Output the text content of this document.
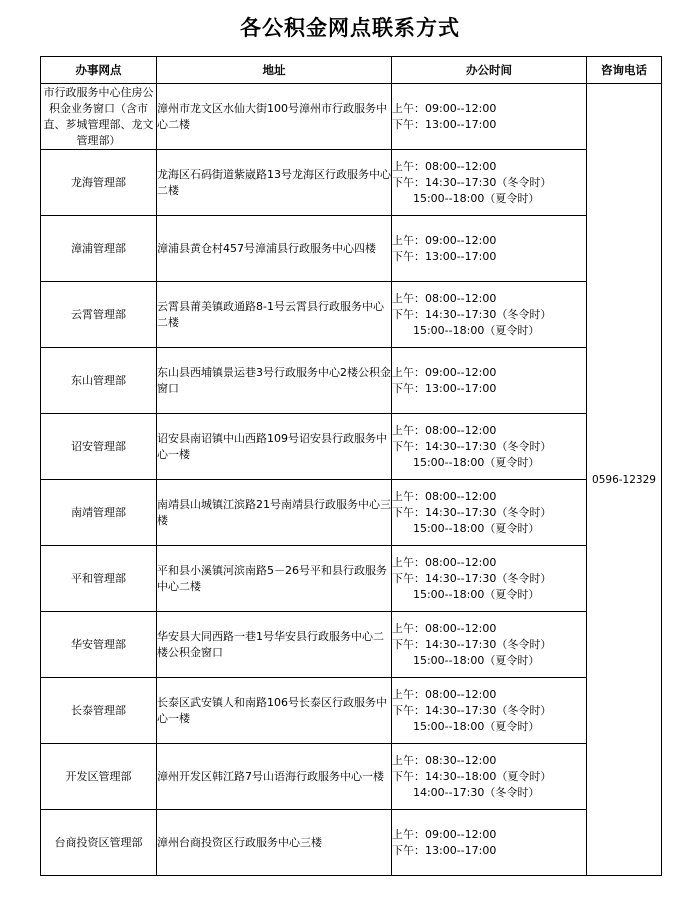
各公积金网点联系方式
办事网点	地址	办公时间	咨询电话
市行政服务中心住房公积金业务窗口（含市直、芗城管理部、龙文管理部）	漳州市龙文区水仙大街100号漳州市行政服务中心二楼	上午：09:00--12:00
下午：13:00--17:00	0596-12329
龙海管理部	龙海区石码街道紫崴路13号龙海区行政服务中心二楼	上午：08:00--12:00
下午：14:30--17:30（冬令时）
15:00--18:00（夏令时）	

漳浦管理部	漳浦县黄仓村457号漳浦县行政服务中心四楼	上午：09:00--12:00
下午：13:00--17:00	

云霄管理部	云霄县莆美镇政通路8-1号云霄县行政服务中心二楼	上午：08:00--12:00
下午：14:30--17:30（冬令时）
15:00--18:00（夏令时）	

东山管理部	东山县西埔镇景运巷3号行政服务中心2楼公积金窗口	上午：09:00--12:00
下午：13:00--17:00	

诏安管理部	诏安县南诏镇中山西路109号诏安县行政服务中心一楼	上午：08:00--12:00
下午：14:30--17:30（冬令时）
15:00--18:00（夏令时）	

南靖管理部	南靖县山城镇江滨路21号南靖县行政服务中心三楼	上午：08:00--12:00
下午：14:30--17:30（冬令时）
15:00--18:00（夏令时）	

平和管理部	平和县小溪镇河滨南路5－26号平和县行政服务中心二楼	上午：08:00--12:00
下午：14:30--17:30（冬令时）
15:00--18:00（夏令时）	

华安管理部	华安县大同西路一巷1号华安县行政服务中心二楼公积金窗口	上午：08:00--12:00
下午：14:30--17:30（冬令时）
15:00--18:00（夏令时）	

长泰管理部	长泰区武安镇人和南路106号长泰区行政服务中心一楼	上午：08:00--12:00
下午：14:30--17:30（冬令时）
15:00--18:00（夏令时）	

开发区管理部	漳州开发区韩江路7号山语海行政服务中心一楼	上午：08:30--12:00
下午：14:30--18:00（夏令时）
14:00--17:30（冬令时）	

台商投资区管理部	漳州台商投资区行政服务中心三楼	上午：09:00--12:00
下午：13:00--17:00	
